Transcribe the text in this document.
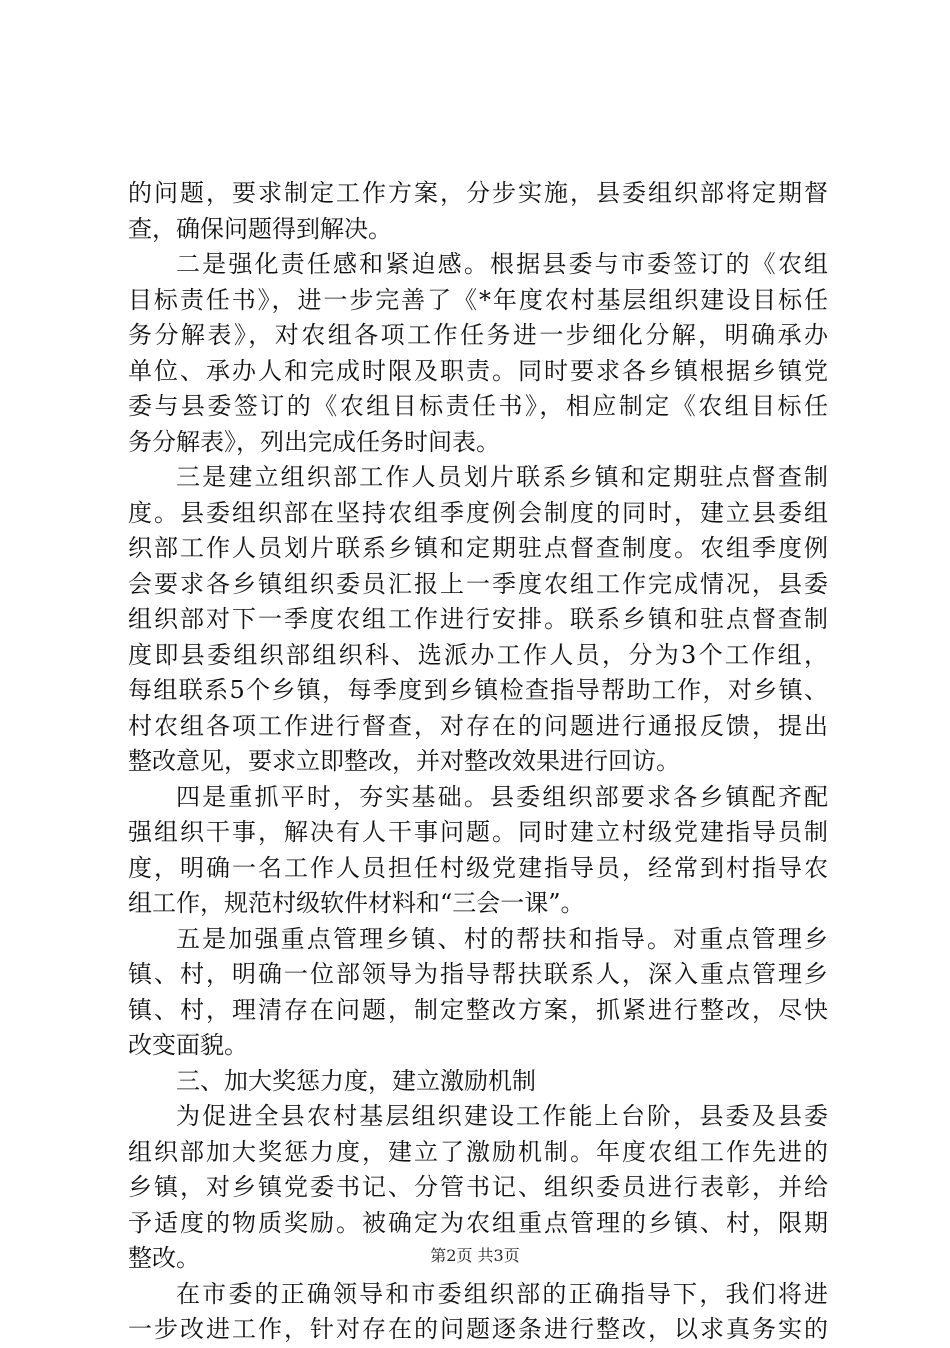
的问题，要求制定工作方案，分步实施，县委组织部将定期督
查，确保问题得到解决。
二是强化责任感和紧迫感。根据县委与市委签订的《农组
目标责任书》，进一步完善了《*年度农村基层组织建设目标任
务分解表》，对农组各项工作任务进一步细化分解，明确承办
单位、承办人和完成时限及职责。同时要求各乡镇根据乡镇党
委与县委签订的《农组目标责任书》，相应制定《农组目标任
务分解表》，列出完成任务时间表。
三是建立组织部工作人员划片联系乡镇和定期驻点督查制
度。县委组织部在坚持农组季度例会制度的同时，建立县委组
织部工作人员划片联系乡镇和定期驻点督查制度。农组季度例
会要求各乡镇组织委员汇报上一季度农组工作完成情况，县委
组织部对下一季度农组工作进行安排。联系乡镇和驻点督查制
度即县委组织部组织科、选派办工作人员，分为3个工作组，
每组联系5个乡镇，每季度到乡镇检查指导帮助工作，对乡镇、
村农组各项工作进行督查，对存在的问题进行通报反馈，提出
整改意见，要求立即整改，并对整改效果进行回访。
四是重抓平时，夯实基础。县委组织部要求各乡镇配齐配
强组织干事，解决有人干事问题。同时建立村级党建指导员制
度，明确一名工作人员担任村级党建指导员，经常到村指导农
组工作，规范村级软件材料和“三会一课”。
五是加强重点管理乡镇、村的帮扶和指导。对重点管理乡
镇、村，明确一位部领导为指导帮扶联系人，深入重点管理乡
镇、村，理清存在问题，制定整改方案，抓紧进行整改，尽快
改变面貌。
三、加大奖惩力度，建立激励机制
为促进全县农村基层组织建设工作能上台阶，县委及县委
组织部加大奖惩力度，建立了激励机制。年度农组工作先进的
乡镇，对乡镇党委书记、分管书记、组织委员进行表彰，并给
予适度的物质奖励。被确定为农组重点管理的乡镇、村，限期
整改。
在市委的正确领导和市委组织部的正确指导下，我们将进
一步改进工作，针对存在的问题逐条进行整改，以求真务实的
第2页 共3页
